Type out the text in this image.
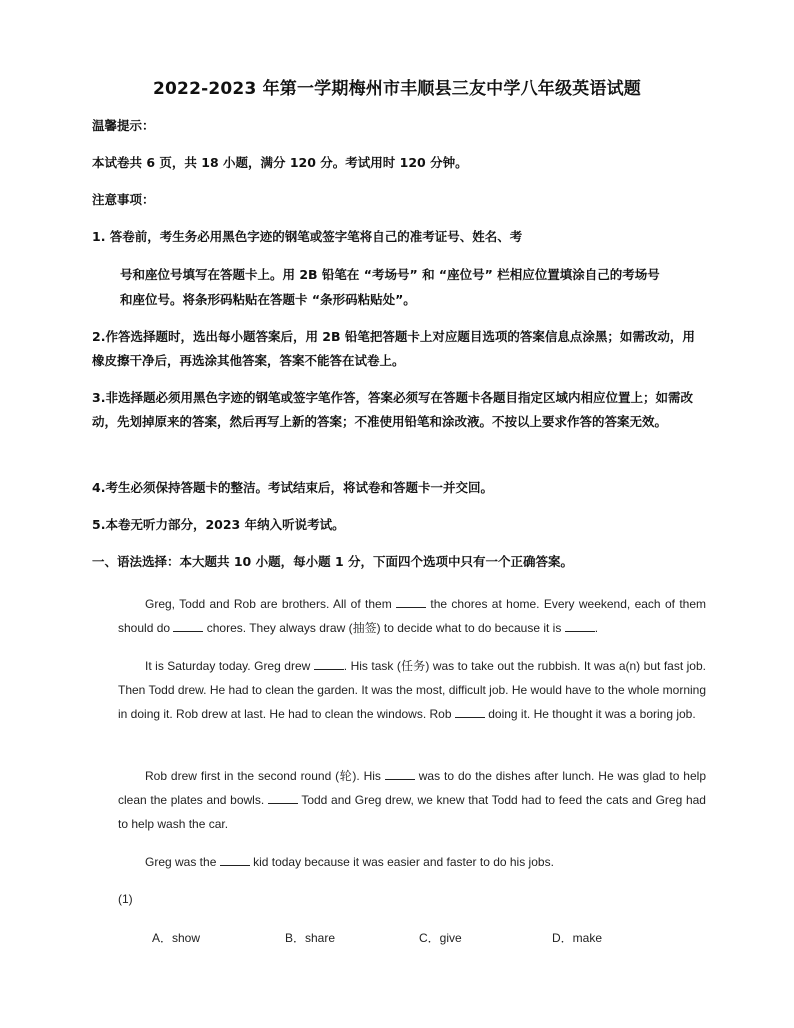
2022-2023 年第一学期梅州市丰顺县三友中学八年级英语试题
温馨提示：
本试卷共 6 页，共 18 小题，满分 120 分。考试用时 120 分钟。
注意事项：
1. 答卷前，考生务必用黑色字迹的钢笔或签字笔将自己的准考证号、姓名、考
号和座位号填写在答题卡上。用 2B 铅笔在 “考场号” 和 “座位号” 栏相应位置填涂自己的考场号
和座位号。将条形码粘贴在答题卡 “条形码粘贴处”。
2.作答选择题时，选出每小题答案后，用 2B 铅笔把答题卡上对应题目选项的答案信息点涂黑；如需改动，用橡皮擦干净后，再选涂其他答案，答案不能答在试卷上。
3.非选择题必须用黑色字迹的钢笔或签字笔作答，答案必须写在答题卡各题目指定区域内相应位置上；如需改动，先划掉原来的答案，然后再写上新的答案；不准使用铅笔和涂改液。不按以上要求作答的答案无效。
4.考生必须保持答题卡的整洁。考试结束后，将试卷和答题卡一并交回。
5.本卷无听力部分，2023 年纳入听说考试。
一、语法选择：本大题共 10 小题，每小题 1 分，下面四个选项中只有一个正确答案。

Greg, Todd and Rob are brothers. All of them	the chores at home. Every weekend, each of them should do	chores. They always draw (抽签) to decide what to do because it is	.

It is Saturday today. Greg drew	. His task (任务) was to take out the rubbish. It was a(n) but fast job. Then Todd drew. He had to clean the garden. It was the most, difficult job. He would have to the whole morning in doing it. Rob drew at last. He had to clean the windows. Rob	doing it. He thought it was a boring job.

Rob drew first in the second round (轮). His	was to do the dishes after lunch. He was glad to help clean the plates and bowls.	Todd and Greg drew, we knew that Todd had to feed the cats and Greg had to help wash the car.

Greg was the	kid today because it was easier and faster to do his jobs.

(1)
A．show	B．share	C．give	D．make
